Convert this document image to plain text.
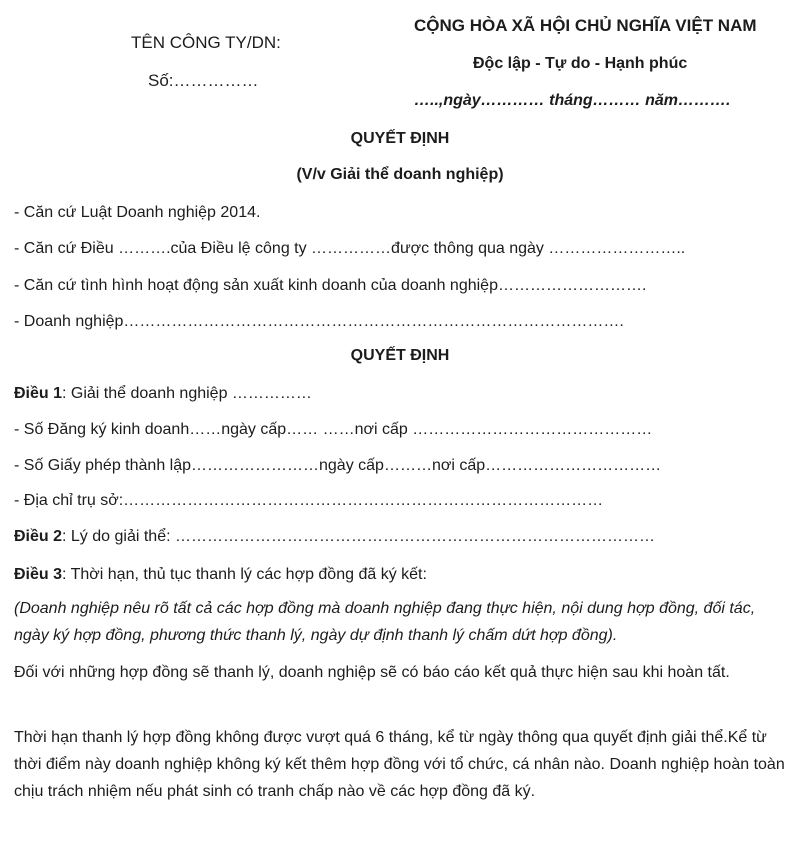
TÊN CÔNG TY/DN:
Số:……………
CỘNG HÒA XÃ HỘI CHỦ NGHĨA VIỆT NAM
Độc lập - Tự do - Hạnh phúc
…..,ngày………… tháng……… năm……….
QUYẾT ĐỊNH
(V/v Giải thể doanh nghiệp)
- Căn cứ Luật Doanh nghiệp 2014.
- Căn cứ Điều ……….của Điều lệ công ty ……………được thông qua ngày ……………………..
- Căn cứ tình hình hoạt động sản xuất kinh doanh của doanh nghiệp……………………….
- Doanh nghiệp………………………………………………………………………………….
QUYẾT ĐỊNH
Điều 1: Giải thể doanh nghiệp ……………
- Số Đăng ký kinh doanh……ngày cấp…… ……nơi cấp ………………………………………
- Số Giấy phép thành lập……………………ngày cấp………nơi cấp……………………………
- Địa chỉ trụ sở:………………………………………………………………………………
Điều 2: Lý do giải thể: ………………………………………………………………………………
Điều 3: Thời hạn, thủ tục thanh lý các hợp đồng đã ký kết:
(Doanh nghiệp nêu rõ tất cả các hợp đồng mà doanh nghiệp đang thực hiện, nội dung hợp đồng, đối tác, ngày ký hợp đồng, phương thức thanh lý, ngày dự định thanh lý chấm dứt hợp đồng).
Đối với những hợp đồng sẽ thanh lý, doanh nghiệp sẽ có báo cáo kết quả thực hiện sau khi hoàn tất.
Thời hạn thanh lý hợp đồng không được vượt quá 6 tháng, kể từ ngày thông qua quyết định giải thể.Kể từ thời điểm này doanh nghiệp không ký kết thêm hợp đồng với tổ chức, cá nhân nào. Doanh nghiệp hoàn toàn chịu trách nhiệm nếu phát sinh có tranh chấp nào về các hợp đồng đã ký.
